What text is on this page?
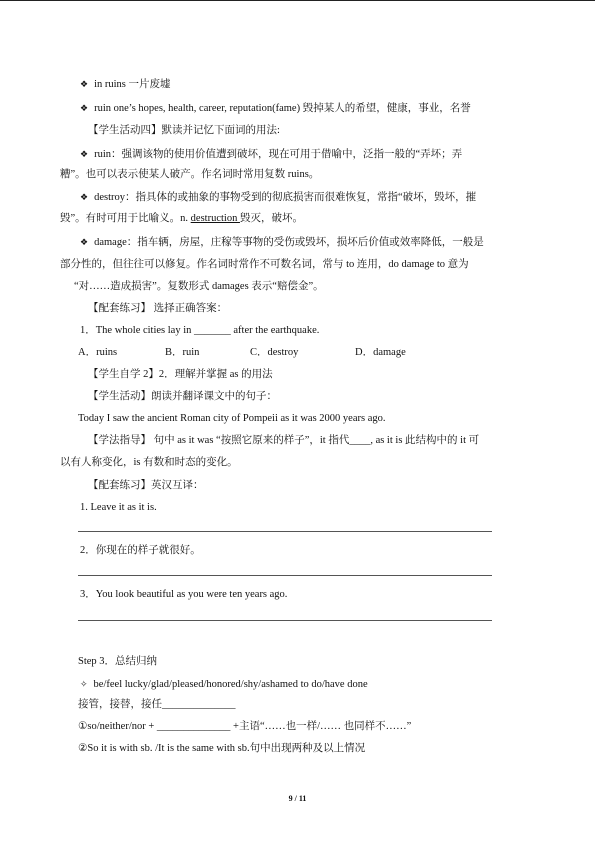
❖ in ruins 一片废墟
❖ ruin one’s hopes, health, career, reputation(fame) 毁掉某人的希望，健康，事业，名誉
【学生活动四】默读并记忆下面词的用法:
❖ ruin：强调该物的使用价值遭到破坏，现在可用于借喻中，泛指一般的“弄坏；弄
糟”。也可以表示使某人破产。作名词时常用复数 ruins。
❖ destroy：指具体的或抽象的事物受到的彻底损害而很难恢复，常指“破坏，毁坏，摧
毁”。有时可用于比喻义。n. destruction 毁灭，破坏。
❖ damage：指车辆，房屋，庄稼等事物的受伤或毁坏，损坏后价值或效率降低，一般是
部分性的，但往往可以修复。作名词时常作不可数名词，常与 to 连用，do damage to 意为
“对……造成损害”。复数形式 damages 表示“赔偿金”。
【配套练习】 选择正确答案：
1．The whole cities lay in _______ after the earthquake.
A．ruins	B．ruin	C．destroy	D．damage
【学生自学 2】2．理解并掌握 as 的用法
【学生活动】朗读并翻译课文中的句子：
Today I saw the ancient Roman city of Pompeii as it was 2000 years ago.
【学法指导】 句中 as it was “按照它原来的样子”，it 指代____, as it is 此结构中的 it 可
以有人称变化，is 有数和时态的变化。
【配套练习】英汉互译：
1. Leave it as it is.
2．你现在的样子就很好。
3．You look beautiful as you were ten years ago.
Step 3．总结归纳
✧ be/feel lucky/glad/pleased/honored/shy/ashamed to do/have done
接管，接替，接任______________
①so/neither/nor + ______________ +主语“……也一样/…… 也同样不……”
②So it is with sb. /It is the same with sb.句中出现两种及以上情况
9 / 11
